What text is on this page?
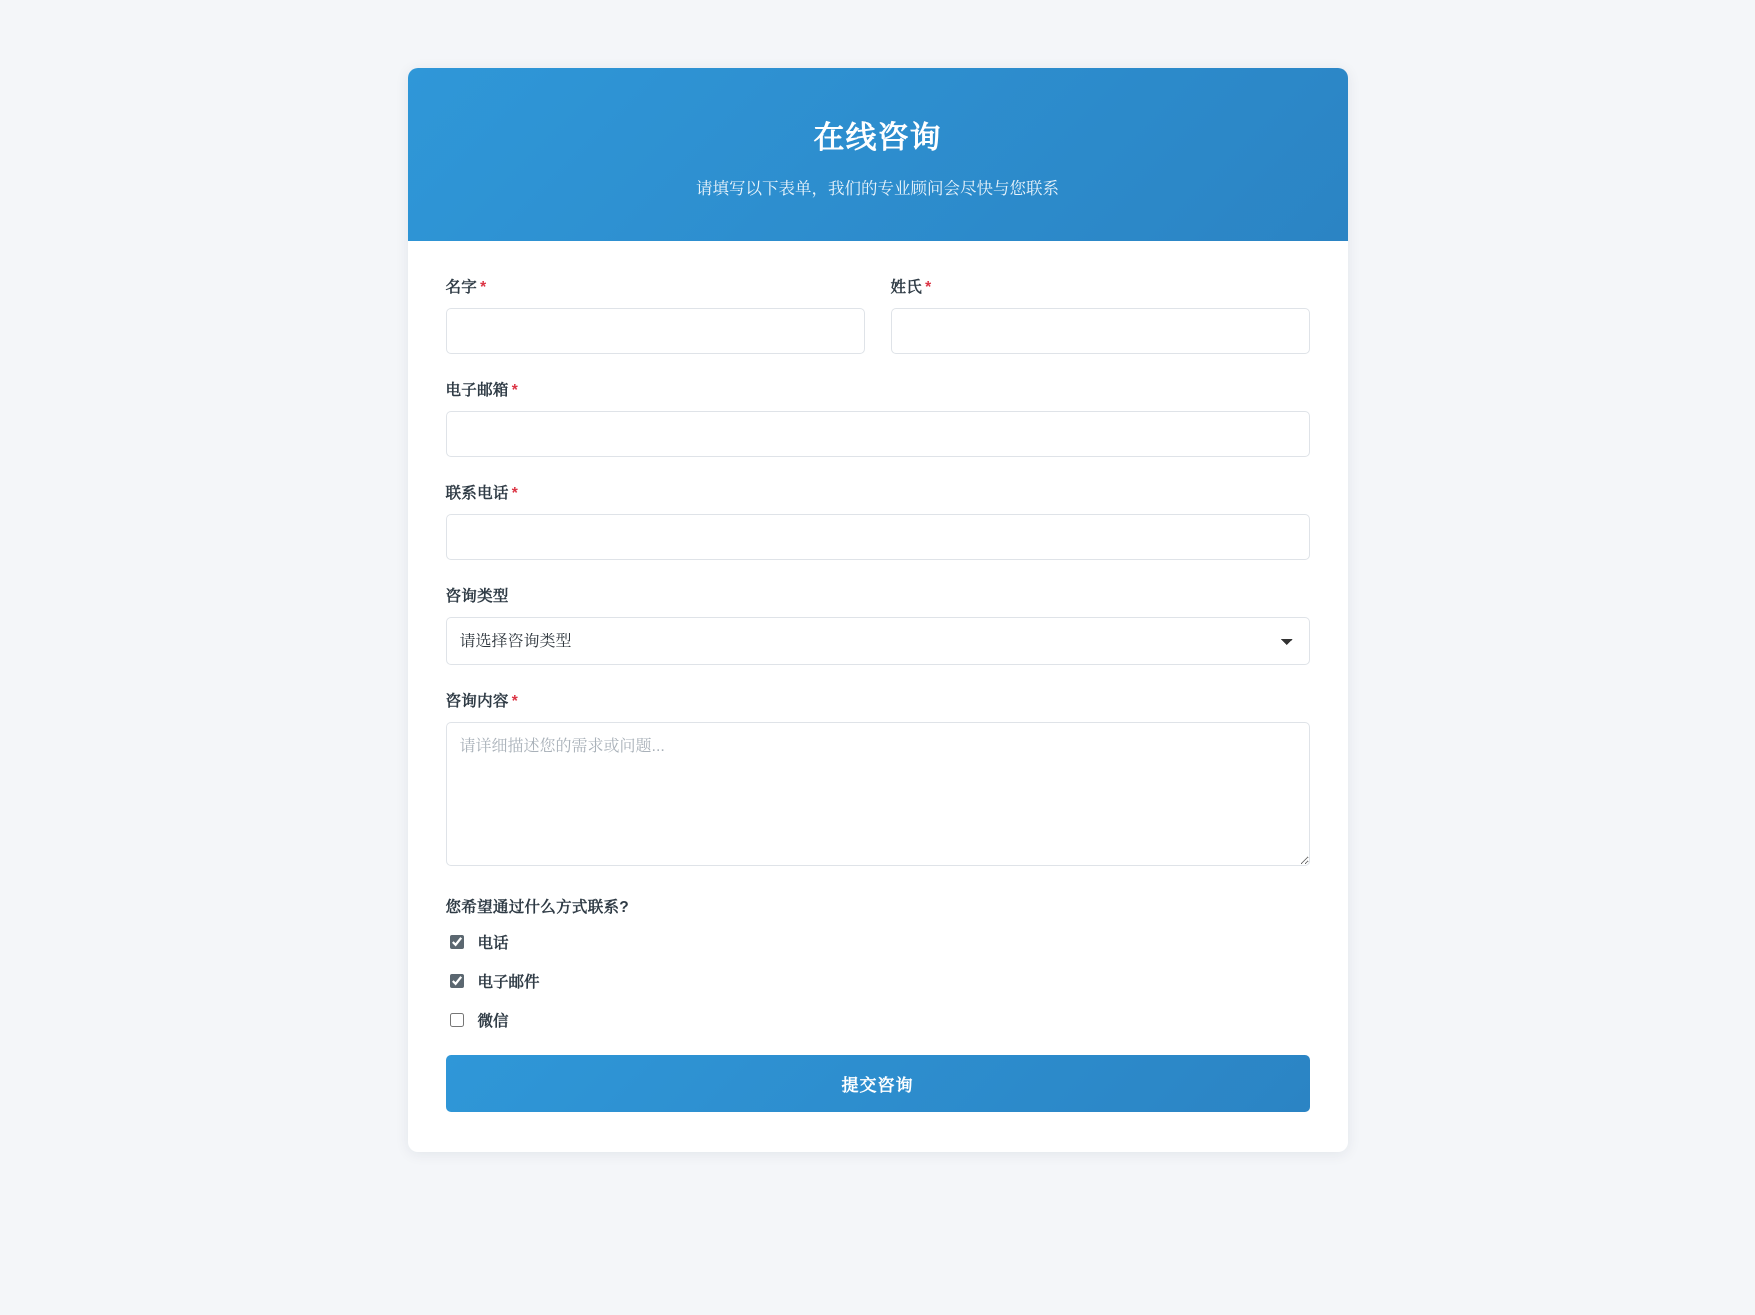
在线咨询

请填写以下表单，我们的专业顾问会尽快与您联系

名字 *	姓氏 *
电子邮箱 *
联系电话 *
咨询类型
请选择咨询类型
咨询内容 *
请详细描述您的需求或问题...
您希望通过什么方式联系?
电话
电子邮件
微信
提交咨询
